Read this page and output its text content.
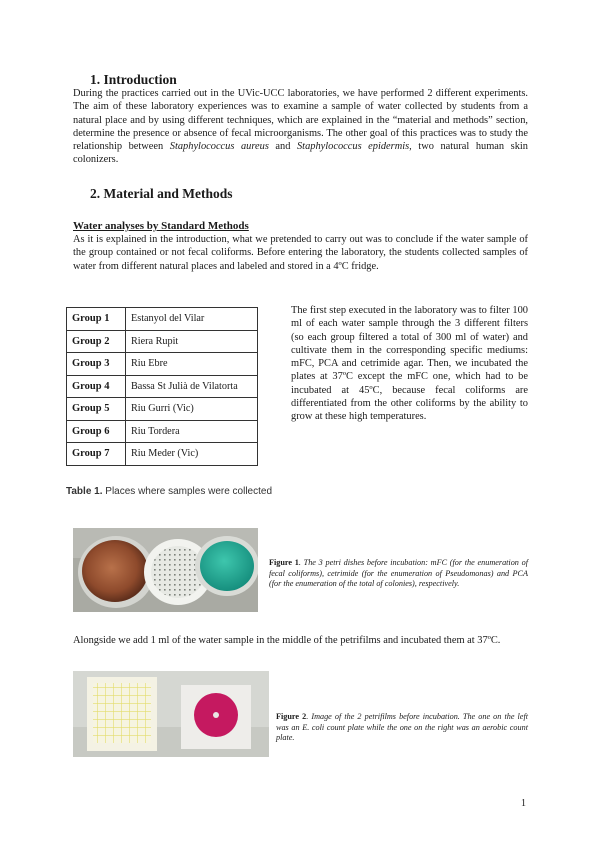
1. Introduction
During the practices carried out in the UVic-UCC laboratories, we have performed 2 different experiments. The aim of these laboratory experiences was to examine a sample of water collected by students from a natural place and by using different techniques, which are explained in the “material and methods” section, determine the presence or absence of fecal microorganisms. The other goal of this practices was to study the relationship between Staphylococcus aureus and Staphylococcus epidermis, two natural human skin colonizers.
2. Material and Methods
Water analyses by Standard Methods
As it is explained in the introduction, what we pretended to carry out was to conclude if the water sample of the group contained or not fecal coliforms. Before entering the laboratory, the students collected samples of water from different natural places and labeled and stored in a 4ºC fridge.
Group 1	Estanyol del Vilar
Group 2	Riera Rupit
Group 3	Riu Ebre
Group 4	Bassa St Julià de Vilatorta
Group 5	Riu Gurri (Vic)
Group 6	Riu Tordera
Group 7	Riu Meder (Vic)
Table 1. Places where samples were collected
The first step executed in the laboratory was to filter 100 ml of each water sample through the 3 different filters (so each group filtered a total of 300 ml of water) and cultivate them in the corresponding specific mediums: mFC, PCA and cetrimide agar. Then, we incubated the plates at 37ºC except the mFC one, which had to be incubated at 45ºC, because fecal coliforms are differentiated from the other coliforms by the ability to grow at these high temperatures.
Figure 1. The 3 petri dishes before incubation: mFC (for the enumeration of fecal coliforms), cetrimide (for the enumeration of Pseudomonas) and PCA (for the enumeration of the total of colonies), respectively.
Alongside we add 1 ml of the water sample in the middle of the petrifilms and incubated them at 37ºC.
Figure 2. Image of the 2 petrifilms before incubation. The one on the left was an E. coli count plate while the one on the right was an aerobic count plate.
1
